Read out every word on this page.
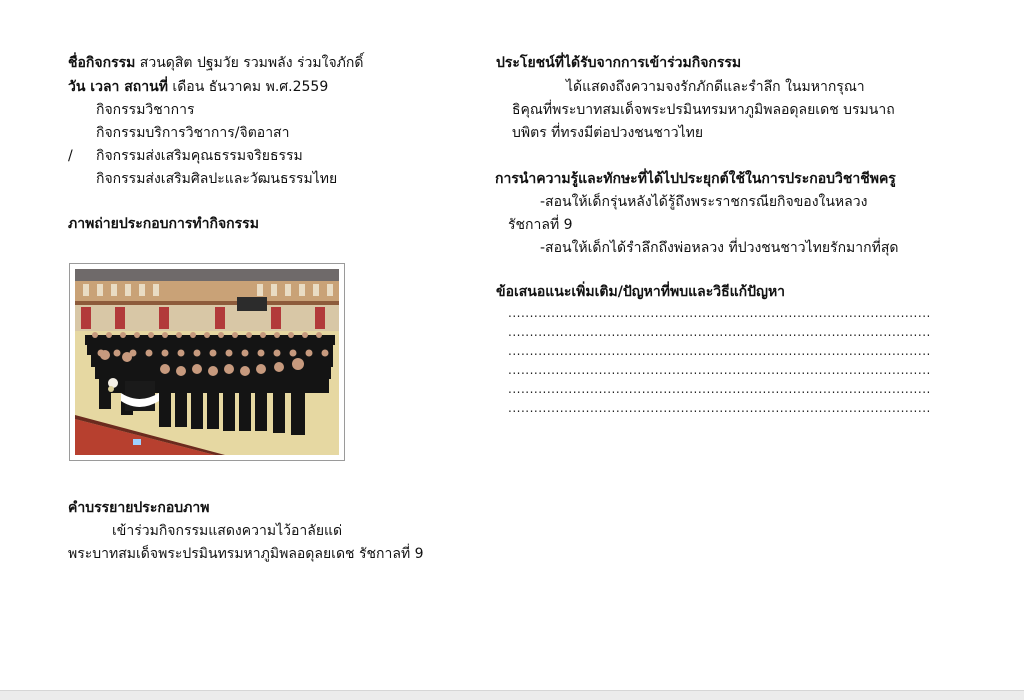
ชื่อกิจกรรม สวนดุสิต ปฐมวัย รวมพลัง ร่วมใจภักดิ์
วัน เวลา สถานที่ เดือน ธันวาคม พ.ศ.2559
กิจกรรมวิชาการ
กิจกรรมบริการวิชาการ/จิตอาสา
/ กิจกรรมส่งเสริมคุณธรรมจริยธรรม
กิจกรรมส่งเสริมศิลปะและวัฒนธรรมไทย
ภาพถ่ายประกอบการทำกิจกรรม
คำบรรยายประกอบภาพ
เข้าร่วมกิจกรรมแสดงความไว้อาลัยแด่
พระบาทสมเด็จพระปรมินทรมหาภูมิพลอดุลยเดช รัชกาลที่ 9
ประโยชน์ที่ได้รับจากการเข้าร่วมกิจกรรม
ได้แสดงถึงความจงรักภักดีและรำลึก ในมหากรุณา
ธิคุณที่พระบาทสมเด็จพระปรมินทรมหาภูมิพลอดุลยเดช บรมนาถ
บพิตร ที่ทรงมีต่อปวงชนชาวไทย
การนำความรู้และทักษะที่ได้ไปประยุกต์ใช้ในการประกอบวิชาชีพครู
-สอนให้เด็กรุ่นหลังได้รู้ถึงพระราชกรณียกิจของในหลวง
รัชกาลที่ 9
-สอนให้เด็กได้รำลึกถึงพ่อหลวง ที่ปวงชนชาวไทยรักมากที่สุด
ข้อเสนอแนะเพิ่มเติม/ปัญหาที่พบและวิธีแก้ปัญหา
..................................................................................................
..................................................................................................
..................................................................................................
..................................................................................................
..................................................................................................
..................................................................................................
